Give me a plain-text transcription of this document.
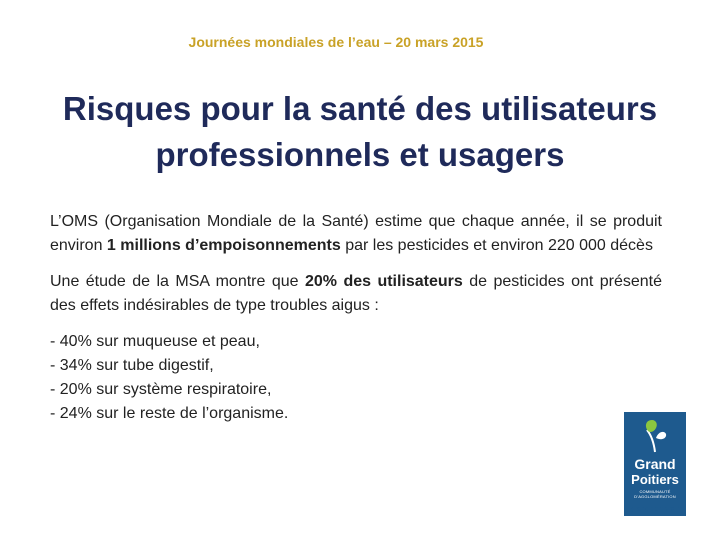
Journées mondiales de l’eau – 20 mars 2015
Risques pour la santé des utilisateurs
professionnels et usagers

L’OMS (Organisation Mondiale de la Santé) estime que chaque année, il se produit environ 1 millions d’empoisonnements par les pesticides et environ 220 000 décès

Une étude de la MSA montre que 20% des utilisateurs de pesticides ont présenté des effets indésirables de type troubles aigus :

- 40% sur muqueuse et peau,
- 34% sur tube digestif,
- 20% sur système respiratoire,
- 24% sur le reste de l’organisme.
Grand
Poitiers
COMMUNAUTÉ D'AGGLOMÉRATION
grandpoitiers.fr
